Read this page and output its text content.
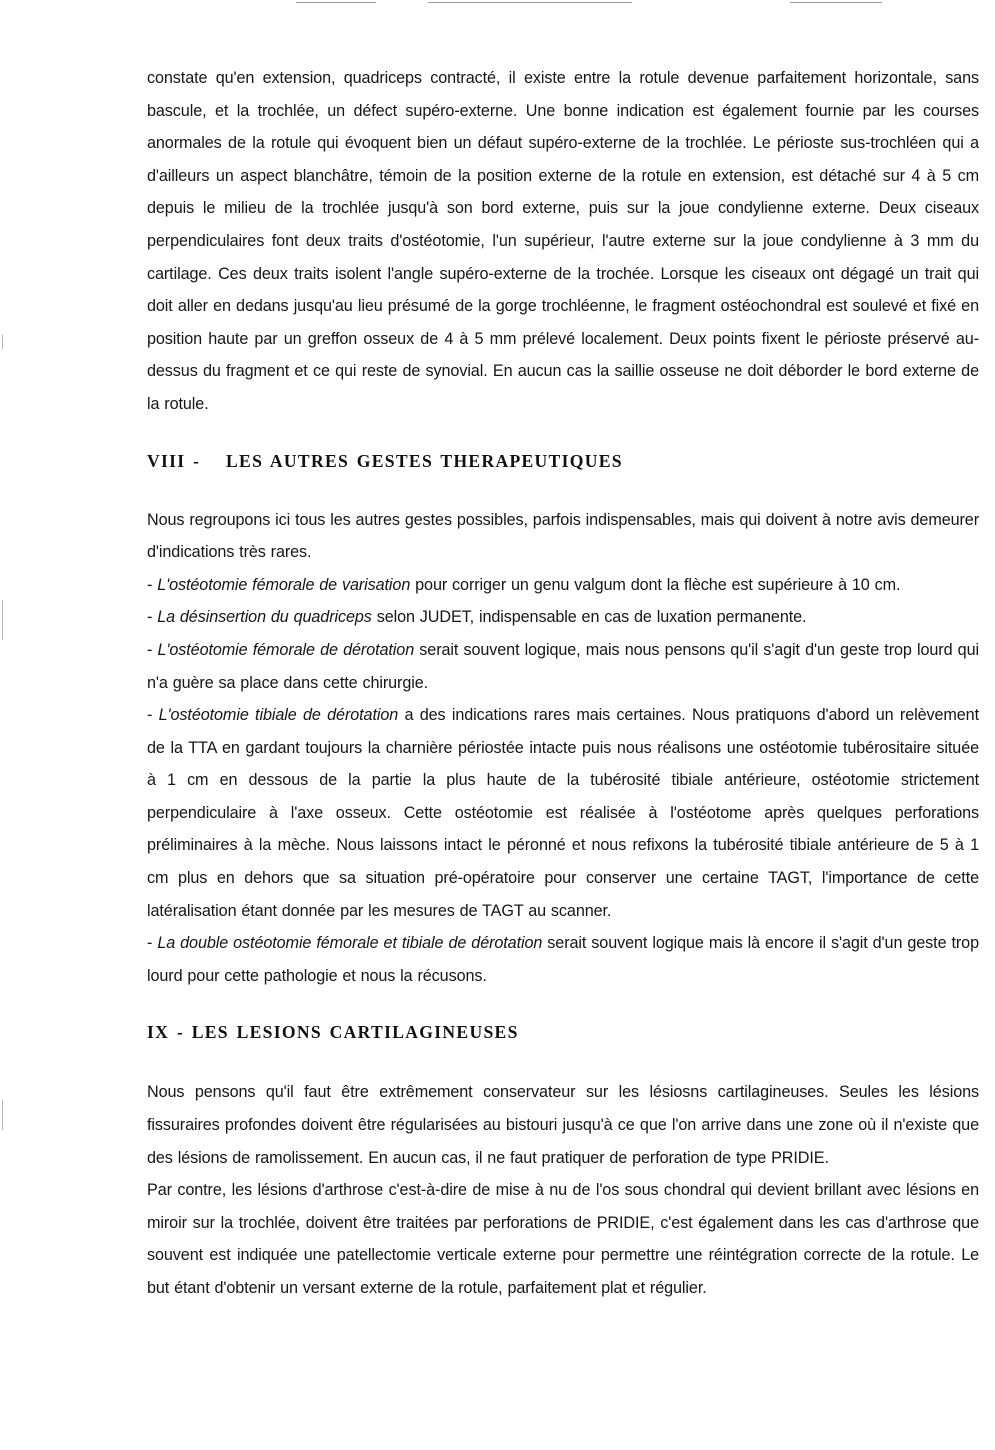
constate qu'en extension, quadriceps contracté, il existe entre la rotule devenue parfaitement horizontale, sans bascule, et la trochlée, un défect supéro-externe. Une bonne indication est également fournie par les courses anormales de la rotule qui évoquent bien un défaut supéro-externe de la trochlée. Le périoste sus-trochléen qui a d'ailleurs un aspect blanchâtre, témoin de la position externe de la rotule en extension, est détaché sur 4 à 5 cm depuis le milieu de la trochlée jusqu'à son bord externe, puis sur la joue condylienne externe. Deux ciseaux perpendiculaires font deux traits d'ostéotomie, l'un supérieur, l'autre externe sur la joue condylienne à 3 mm du cartilage. Ces deux traits isolent l'angle supéro-externe de la trochée. Lorsque les ciseaux ont dégagé un trait qui doit aller en dedans jusqu'au lieu présumé de la gorge trochléenne, le fragment ostéochondral est soulevé et fixé en position haute par un greffon osseux de 4 à 5 mm prélevé localement. Deux points fixent le périoste préservé au-dessus du fragment et ce qui reste de synovial. En aucun cas la saillie osseuse ne doit déborder le bord externe de la rotule.

VIII - LES AUTRES GESTES THERAPEUTIQUES

Nous regroupons ici tous les autres gestes possibles, parfois indispensables, mais qui doivent à notre avis demeurer d'indications très rares.

- L'ostéotomie fémorale de varisation pour corriger un genu valgum dont la flèche est supérieure à 10 cm.

- La désinsertion du quadriceps selon JUDET, indispensable en cas de luxation permanente.

- L'ostéotomie fémorale de dérotation serait souvent logique, mais nous pensons qu'il s'agit d'un geste trop lourd qui n'a guère sa place dans cette chirurgie.

- L'ostéotomie tibiale de dérotation a des indications rares mais certaines. Nous pratiquons d'abord un relèvement de la TTA en gardant toujours la charnière périostée intacte puis nous réalisons une ostéotomie tubérositaire située à 1 cm en dessous de la partie la plus haute de la tubérosité tibiale antérieure, ostéotomie strictement perpendiculaire à l'axe osseux. Cette ostéotomie est réalisée à l'ostéotome après quelques perforations préliminaires à la mèche. Nous laissons intact le péronné et nous refixons la tubérosité tibiale antérieure de 5 à 1 cm plus en dehors que sa situation pré-opératoire pour conserver une certaine TAGT, l'importance de cette latéralisation étant donnée par les mesures de TAGT au scanner.

- La double ostéotomie fémorale et tibiale de dérotation serait souvent logique mais là encore il s'agit d'un geste trop lourd pour cette pathologie et nous la récusons.

IX - LES LESIONS CARTILAGINEUSES

Nous pensons qu'il faut être extrêmement conservateur sur les lésiosns cartilagineuses. Seules les lésions fissuraires profondes doivent être régularisées au bistouri jusqu'à ce que l'on arrive dans une zone où il n'existe que des lésions de ramolissement. En aucun cas, il ne faut pratiquer de perforation de type PRIDIE.

Par contre, les lésions d'arthrose c'est-à-dire de mise à nu de l'os sous chondral qui devient brillant avec lésions en miroir sur la trochlée, doivent être traitées par perforations de PRIDIE, c'est également dans les cas d'arthrose que souvent est indiquée une patellectomie verticale externe pour permettre une réintégration correcte de la rotule. Le but étant d'obtenir un versant externe de la rotule, parfaitement plat et régulier.
